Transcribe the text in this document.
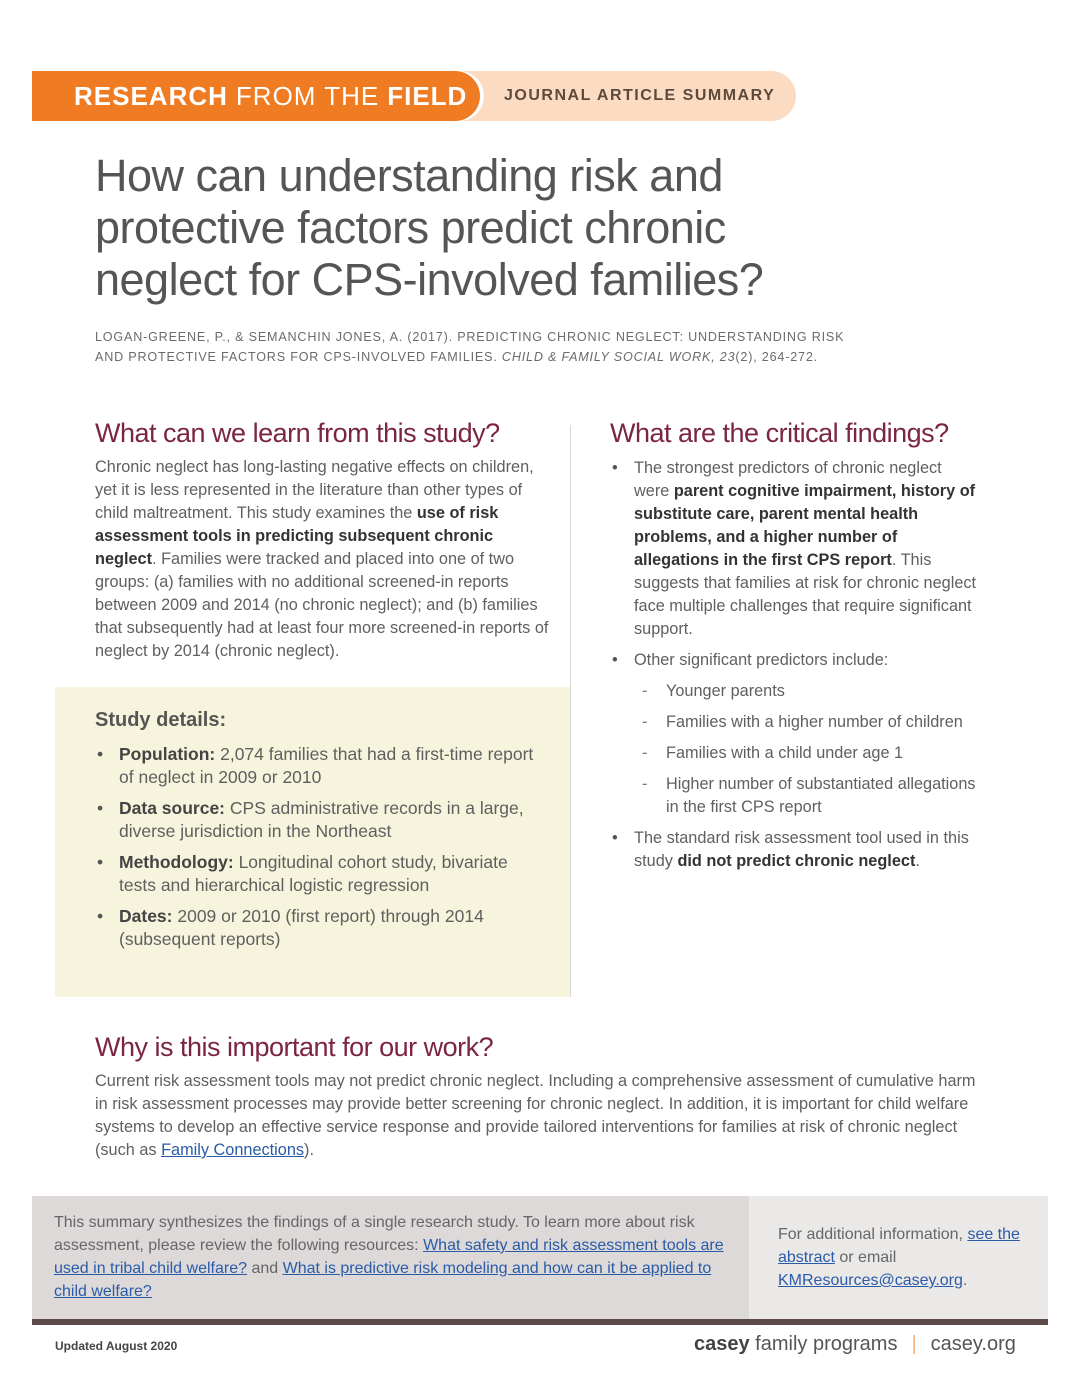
RESEARCH FROM THE FIELD JOURNAL ARTICLE SUMMARY
How can understanding risk and protective factors predict chronic neglect for CPS-involved families?
LOGAN-GREENE, P., & SEMANCHIN JONES, A. (2017). PREDICTING CHRONIC NEGLECT: UNDERSTANDING RISK AND PROTECTIVE FACTORS FOR CPS-INVOLVED FAMILIES. CHILD & FAMILY SOCIAL WORK, 23(2), 264-272.
What can we learn from this study?
Chronic neglect has long-lasting negative effects on children, yet it is less represented in the literature than other types of child maltreatment. This study examines the use of risk assessment tools in predicting subsequent chronic neglect. Families were tracked and placed into one of two groups: (a) families with no additional screened-in reports between 2009 and 2014 (no chronic neglect); and (b) families that subsequently had at least four more screened-in reports of neglect by 2014 (chronic neglect).
Study details:
• Population: 2,074 families that had a first-time report of neglect in 2009 or 2010
• Data source: CPS administrative records in a large, diverse jurisdiction in the Northeast
• Methodology: Longitudinal cohort study, bivariate tests and hierarchical logistic regression
• Dates: 2009 or 2010 (first report) through 2014 (subsequent reports)
What are the critical findings?
• The strongest predictors of chronic neglect were parent cognitive impairment, history of substitute care, parent mental health problems, and a higher number of allegations in the first CPS report. This suggests that families at risk for chronic neglect face multiple challenges that require significant support.
• Other significant predictors include:
- Younger parents
- Families with a higher number of children
- Families with a child under age 1
- Higher number of substantiated allegations in the first CPS report
• The standard risk assessment tool used in this study did not predict chronic neglect.
Why is this important for our work?
Current risk assessment tools may not predict chronic neglect. Including a comprehensive assessment of cumulative harm in risk assessment processes may provide better screening for chronic neglect. In addition, it is important for child welfare systems to develop an effective service response and provide tailored interventions for families at risk of chronic neglect (such as Family Connections).
This summary synthesizes the findings of a single research study. To learn more about risk assessment, please review the following resources: What safety and risk assessment tools are used in tribal child welfare? and What is predictive risk modeling and how can it be applied to child welfare?
For additional information, see the abstract or email KMResources@casey.org.
Updated August 2020	casey family programs | casey.org
